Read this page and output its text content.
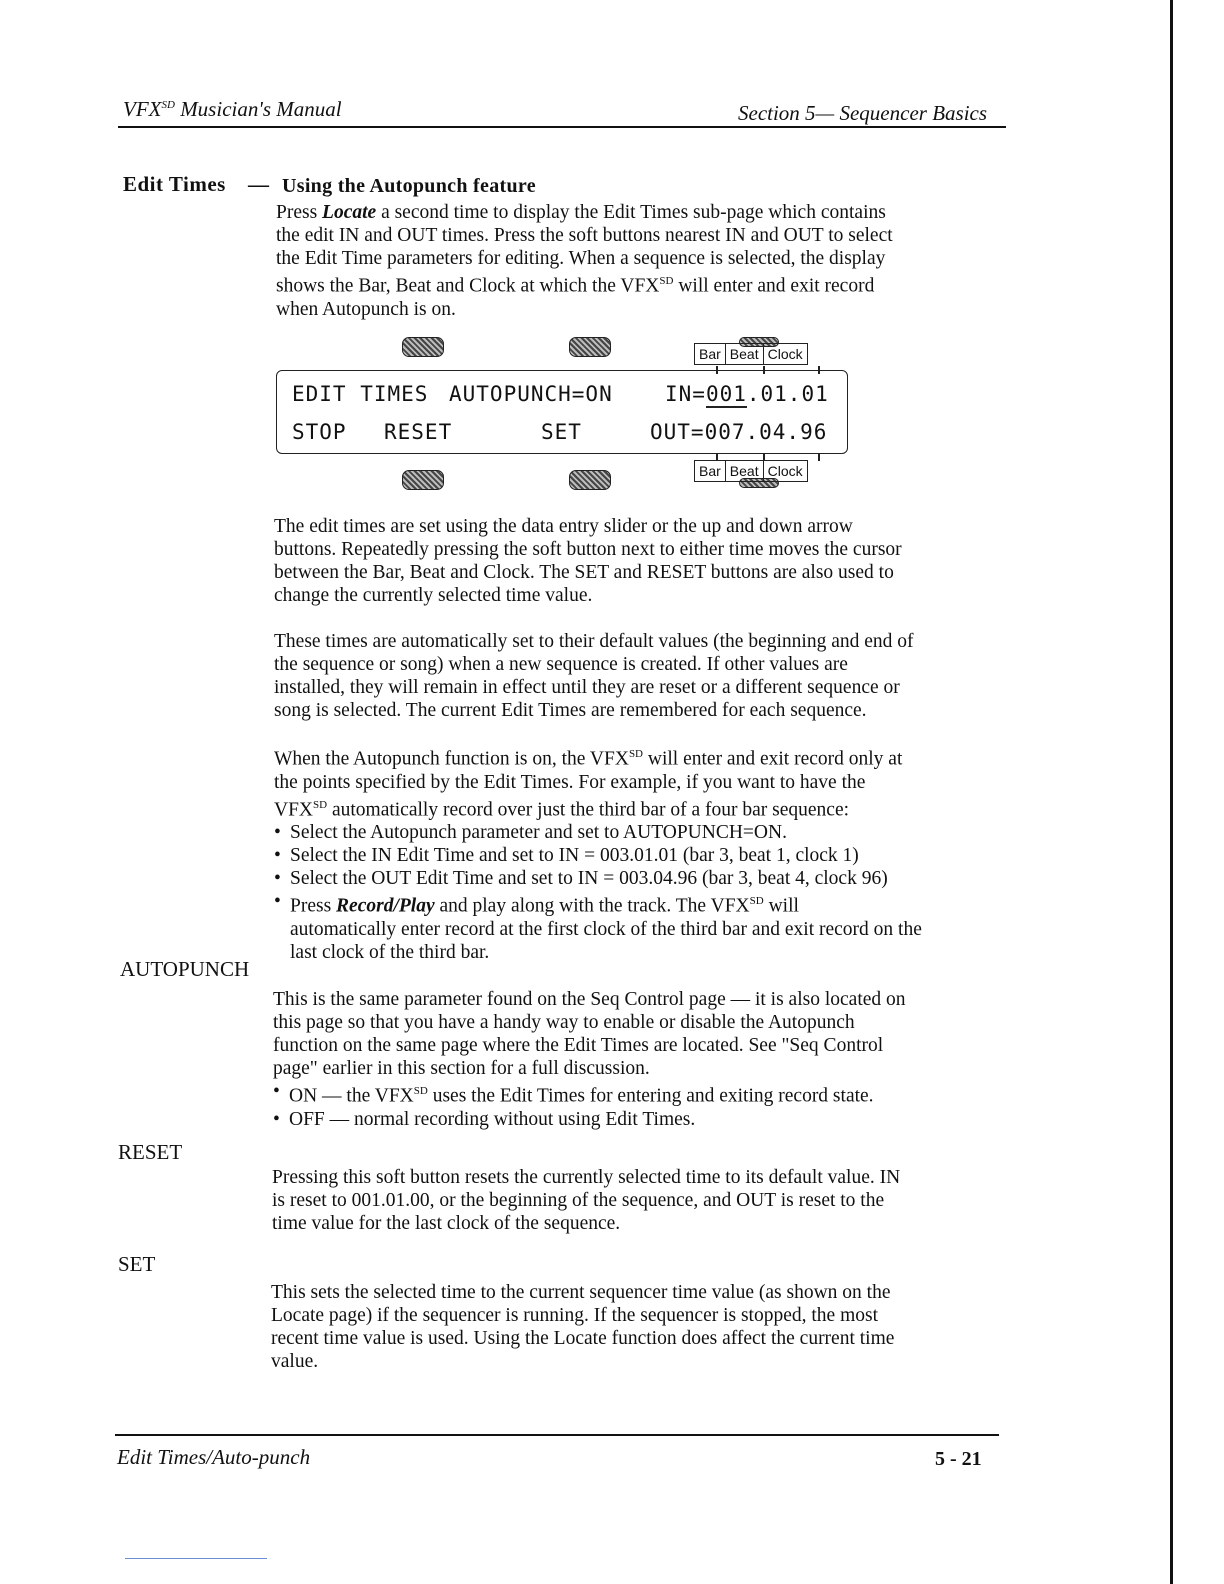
$VFX^{SD}$ Musician's Manual	Section 5— Sequencer Basics
Edit Times — Using the Autopunch feature

Press Locate a second time to display the Edit Times sub-page which contains

the edit IN and OUT times. Press the soft buttons nearest IN and OUT to select

the Edit Time parameters for editing. When a sequence is selected, the display

shows the Bar, Beat and Clock at which the $VFX^{SD}$ will enter and exit record

when Autopunch is on.

Bar Beat Clock
EDIT TIMES AUTOPUNCH=ON IN=001.01.01
STOP RESET	SET	OUT=007.04.96
Bar Beat Clock

The edit times are set using the data entry slider or the up and down arrow

buttons. Repeatedly pressing the soft button next to either time moves the cursor

between the Bar, Beat and Clock. The SET and RESET buttons are also used to

change the currently selected time value.

These times are automatically set to their default values (the beginning and end of

the sequence or song) when a new sequence is created. If other values are

installed, they will remain in effect until they are reset or a different sequence or

song is selected. The current Edit Times are remembered for each sequence.

When the Autopunch function is on, the $VFX^{SD}$ will enter and exit record only at

the points specified by the Edit Times. For example, if you want to have the

$VFX^{SD}$ automatically record over just the third bar of a four bar sequence:

• Select the Autopunch parameter and set to AUTOPUNCH=ON.

• Select the IN Edit Time and set to IN = 003.01.01 (bar 3, beat 1, clock 1)

• Select the OUT Edit Time and set to IN = 003.04.96 (bar 3, beat 4, clock 96)

• Press Record/Play and play along with the track. The $VFX^{SD}$ will

automatically enter record at the first clock of the third bar and exit record on the

last clock of the third bar.

AUTOPUNCH

This is the same parameter found on the Seq Control page — it is also located on

this page so that you have a handy way to enable or disable the Autopunch

function on the same page where the Edit Times are located. See "Seq Control

page" earlier in this section for a full discussion.

• ON — the $VFX^{SD}$ uses the Edit Times for entering and exiting record state.

• OFF — normal recording without using Edit Times.

RESET

Pressing this soft button resets the currently selected time to its default value. IN

is reset to 001.01.00, or the beginning of the sequence, and OUT is reset to the

time value for the last clock of the sequence.

SET

This sets the selected time to the current sequencer time value (as shown on the

Locate page) if the sequencer is running. If the sequencer is stopped, the most

recent time value is used. Using the Locate function does affect the current time

value.

Edit Times/Auto-punch	5 - 21
